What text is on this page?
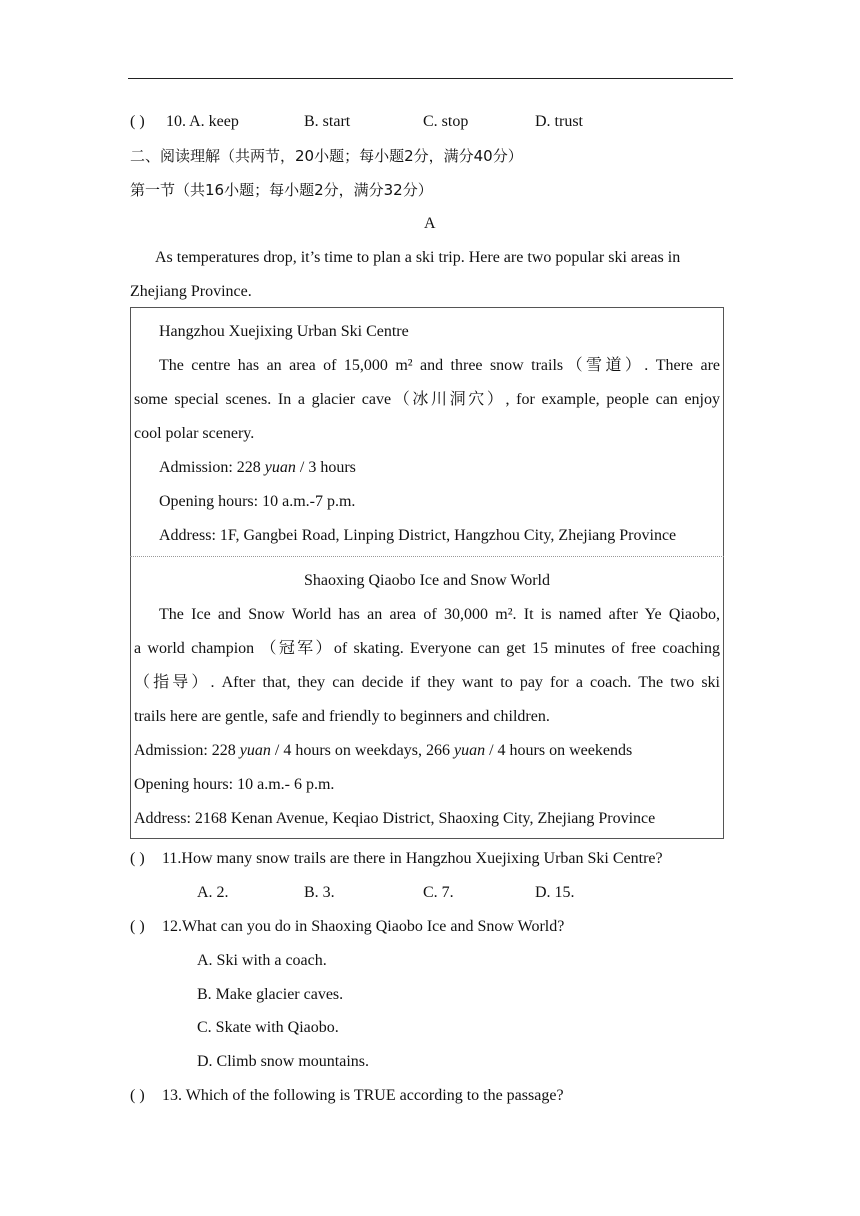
( ) 10. A. keep	B. start	C. stop	D. trust
二、阅读理解（共两节，20小题；每小题2分，满分40分）
第一节（共16小题；每小题2分，满分32分）
A
As temperatures drop, it’s time to plan a ski trip. Here are two popular ski areas in
Zhejiang Province.
Hangzhou Xuejixing Urban Ski Centre
The centre has an area of 15,000 m² and three snow trails（雪道）. There are
some special scenes. In a glacier cave（冰川洞穴）, for example, people can enjoy
cool polar scenery.
Admission: 228 yuan / 3 hours
Opening hours: 10 a.m.-7 p.m.
Address: 1F, Gangbei Road, Linping District, Hangzhou City, Zhejiang Province
Shaoxing Qiaobo Ice and Snow World
The Ice and Snow World has an area of 30,000 m². It is named after Ye Qiaobo,
a world champion （冠军）of skating. Everyone can get 15 minutes of free coaching
（指导）. After that, they can decide if they want to pay for a coach. The two ski
trails here are gentle, safe and friendly to beginners and children.
Admission: 228 yuan / 4 hours on weekdays, 266 yuan / 4 hours on weekends
Opening hours: 10 a.m.- 6 p.m.
Address: 2168 Kenan Avenue, Keqiao District, Shaoxing City, Zhejiang Province
( ) 11.How many snow trails are there in Hangzhou Xuejixing Urban Ski Centre?
A. 2.	B. 3.	C. 7.	D. 15.
( ) 12.What can you do in Shaoxing Qiaobo Ice and Snow World?
A. Ski with a coach.
B. Make glacier caves.
C. Skate with Qiaobo.
D. Climb snow mountains.
( ) 13. Which of the following is TRUE according to the passage?
